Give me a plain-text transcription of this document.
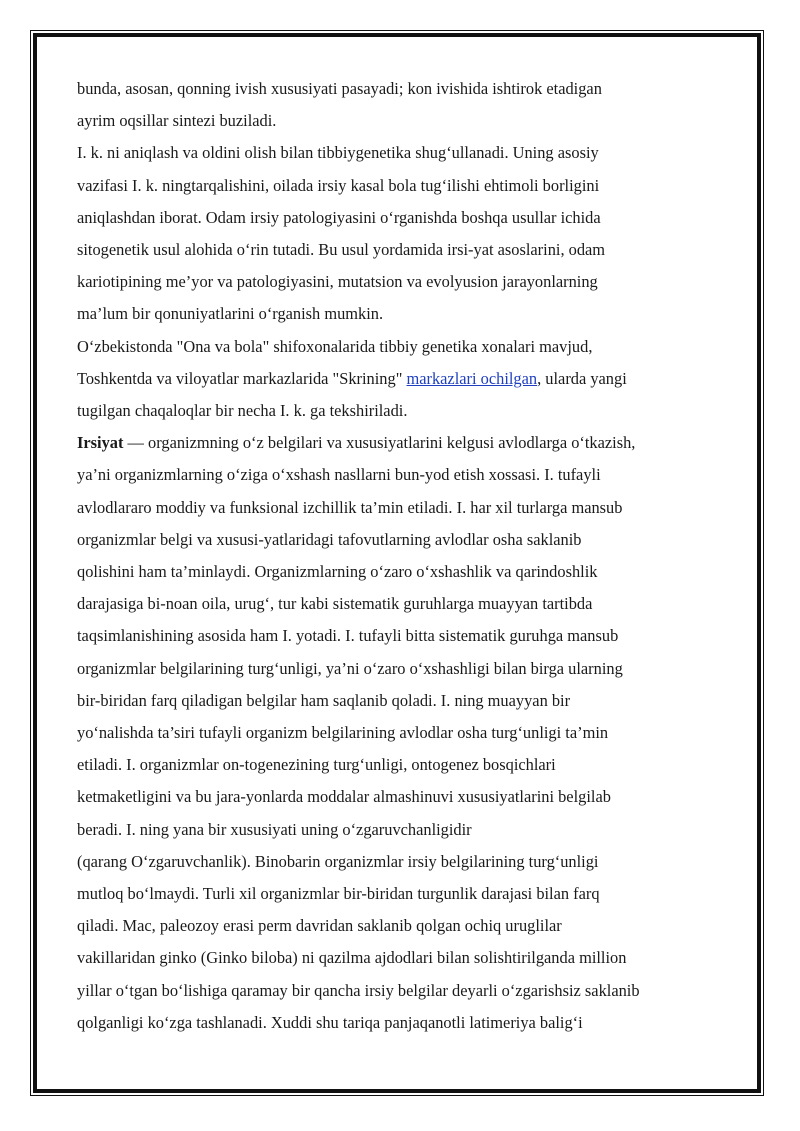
bunda, asosan, qonning ivish xususiyati pasayadi; kon ivishida ishtirok etadigan
ayrim oqsillar sintezi buziladi.
I. k. ni aniqlash va oldini olish bilan tibbiygenetika shug‘ullanadi. Uning asosiy
vazifasi I. k. ningtarqalishini, oilada irsiy kasal bola tug‘ilishi ehtimoli borligini
aniqlashdan iborat. Odam irsiy patologiyasini o‘rganishda boshqa usullar ichida
sitogenetik usul alohida o‘rin tutadi. Bu usul yordamida irsi-yat asoslarini, odam
kariotipining me’yor va patologiyasini, mutatsion va evolyusion jarayonlarning
ma’lum bir qonuniyatlarini o‘rganish mumkin.
O‘zbekistonda "Ona va bola" shifoxonalarida tibbiy genetika xonalari mavjud,
Toshkentda va viloyatlar markazlarida "Skrining" markazlari ochilgan, ularda yangi
tugilgan chaqaloqlar bir necha I. k. ga tekshiriladi.
Irsiyat — organizmning o‘z belgilari va xususiyatlarini kelgusi avlodlarga o‘tkazish,
ya’ni organizmlarning o‘ziga o‘xshash nasllarni bun-yod etish xossasi. I. tufayli
avlodlararo moddiy va funksional izchillik ta’min etiladi. I. har xil turlarga mansub
organizmlar belgi va xususi-yatlaridagi tafovutlarning avlodlar osha saklanib
qolishini ham ta’minlaydi. Organizmlarning o‘zaro o‘xshashlik va qarindoshlik
darajasiga bi-noan oila, urug‘, tur kabi sistematik guruhlarga muayyan tartibda
taqsimlanishining asosida ham I. yotadi. I. tufayli bitta sistematik guruhga mansub
organizmlar belgilarining turg‘unligi, ya’ni o‘zaro o‘xshashligi bilan birga ularning
bir-biridan farq qiladigan belgilar ham saqlanib qoladi. I. ning muayyan bir
yo‘nalishda ta’siri tufayli organizm belgilarining avlodlar osha turg‘unligi ta’min
etiladi. I. organizmlar on-togenezining turg‘unligi, ontogenez bosqichlari
ketmaketligini va bu jara-yonlarda moddalar almashinuvi xususiyatlarini belgilab
beradi. I. ning yana bir xususiyati uning o‘zgaruvchanligidir
(qarang O‘zgaruvchanlik). Binobarin organizmlar irsiy belgilarining turg‘unligi
mutloq bo‘lmaydi. Turli xil organizmlar bir-biridan turgunlik darajasi bilan farq
qiladi. Mac, paleozoy erasi perm davridan saklanib qolgan ochiq uruglilar
vakillaridan ginko (Ginko biloba) ni qazilma ajdodlari bilan solishtirilganda million
yillar o‘tgan bo‘lishiga qaramay bir qancha irsiy belgilar deyarli o‘zgarishsiz saklanib
qolganligi ko‘zga tashlanadi. Xuddi shu tariqa panjaqanotli latimeriya balig‘i
